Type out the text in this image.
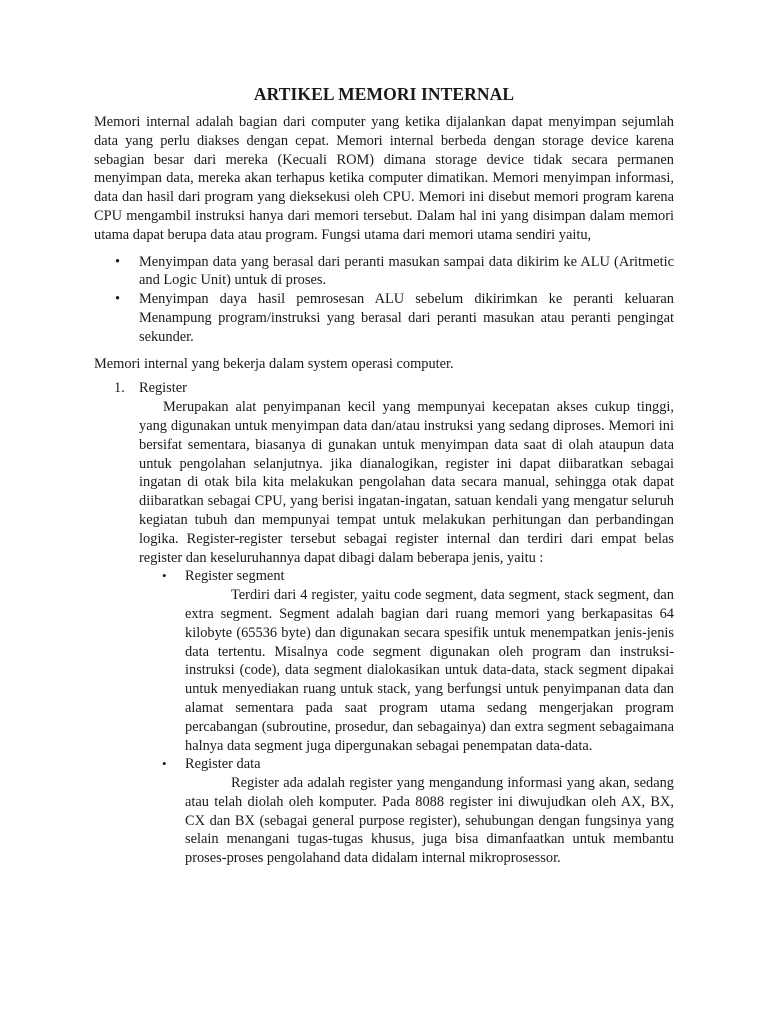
ARTIKEL MEMORI INTERNAL

Memori internal adalah bagian dari computer yang ketika dijalankan dapat menyimpan sejumlah data yang perlu diakses dengan cepat. Memori internal berbeda dengan storage device karena sebagian besar dari mereka (Kecuali ROM) dimana storage device tidak secara permanen menyimpan data, mereka akan terhapus ketika computer dimatikan. Memori menyimpan informasi, data dan hasil dari program yang dieksekusi oleh CPU. Memori ini disebut memori program karena CPU mengambil instruksi hanya dari memori tersebut. Dalam hal ini yang disimpan dalam memori utama dapat berupa data atau program. Fungsi utama dari memori utama sendiri yaitu,

• Menyimpan data yang berasal dari peranti masukan sampai data dikirim ke ALU (Aritmetic and Logic Unit) untuk di proses.
• Menyimpan daya hasil pemrosesan ALU sebelum dikirimkan ke peranti keluaran Menampung program/instruksi yang berasal dari peranti masukan atau peranti pengingat sekunder.
Memori internal yang bekerja dalam system operasi computer.
1. Register
Merupakan alat penyimpanan kecil yang mempunyai kecepatan akses cukup tinggi, yang digunakan untuk menyimpan data dan/atau instruksi yang sedang diproses. Memori ini bersifat sementara, biasanya di gunakan untuk menyimpan data saat di olah ataupun data untuk pengolahan selanjutnya. jika dianalogikan, register ini dapat diibaratkan sebagai ingatan di otak bila kita melakukan pengolahan data secara manual, sehingga otak dapat diibaratkan sebagai CPU, yang berisi ingatan-ingatan, satuan kendali yang mengatur seluruh kegiatan tubuh dan mempunyai tempat untuk melakukan perhitungan dan perbandingan logika. Register-register tersebut sebagai register internal dan terdiri dari empat belas register dan keseluruhannya dapat dibagi dalam beberapa jenis, yaitu :
• Register segment
Terdiri dari 4 register, yaitu code segment, data segment, stack segment, dan extra segment. Segment adalah bagian dari ruang memori yang berkapasitas 64 kilobyte (65536 byte) dan digunakan secara spesifik untuk menempatkan jenis-jenis data tertentu. Misalnya code segment digunakan oleh program dan instruksi-instruksi (code), data segment dialokasikan untuk data-data, stack segment dipakai untuk menyediakan ruang untuk stack, yang berfungsi untuk penyimpanan data dan alamat sementara pada saat program utama sedang mengerjakan program percabangan (subroutine, prosedur, dan sebagainya) dan extra segment sebagaimana halnya data segment juga dipergunakan sebagai penempatan data-data.
• Register data
Register ada adalah register yang mengandung informasi yang akan, sedang atau telah diolah oleh komputer. Pada 8088 register ini diwujudkan oleh AX, BX, CX dan BX (sebagai general purpose register), sehubungan dengan fungsinya yang selain menangani tugas-tugas khusus, juga bisa dimanfaatkan untuk membantu proses-proses pengolahand data didalam internal mikroprosessor.
